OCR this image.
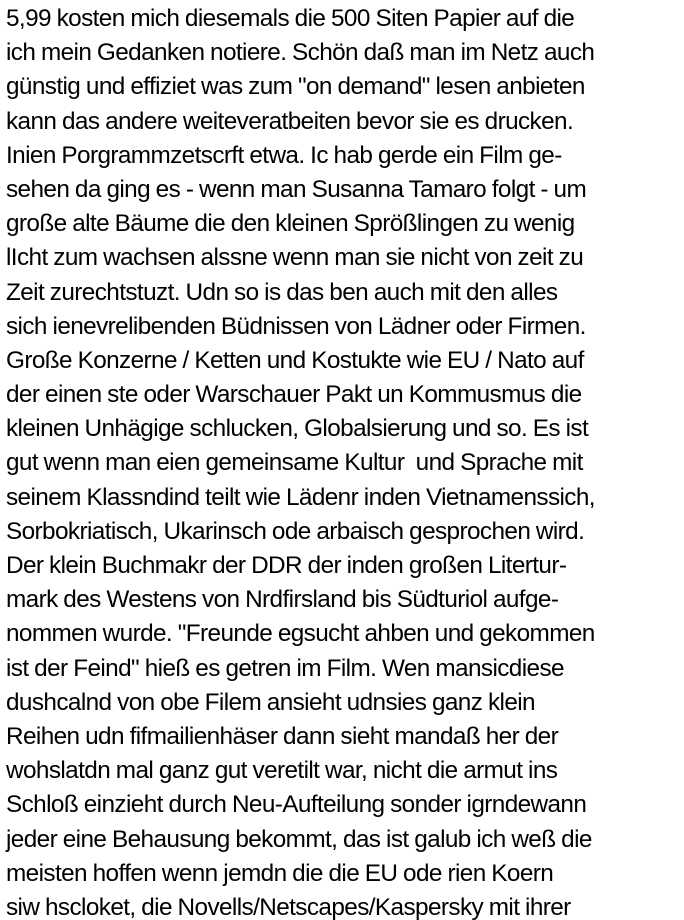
5,99 kosten mich diesemals die 500 Siten Papier auf die
ich mein Gedanken notiere. Schön daß man im Netz auch
günstig und effiziet was zum "on demand" lesen anbieten
kann das andere weiteveratbeiten bevor sie es drucken.
Inien Porgrammzetscrft etwa. Ic hab gerde ein Film ge-
sehen da ging es - wenn man Susanna Tamaro folgt - um
große alte Bäume die den kleinen Sprößlingen zu wenig
lIcht zum wachsen alssne wenn man sie nicht von zeit zu
Zeit zurechtstuzt. Udn so is das ben auch mit den alles
sich ienevrelibenden Büdnissen von Lädner oder Firmen.
Große Konzerne / Ketten und Kostukte wie EU / Nato auf
der einen ste oder Warschauer Pakt un Kommusmus die
kleinen Unhägige schlucken, Globalsierung und so. Es ist
gut wenn man eien gemeinsame Kultur  und Sprache mit
seinem Klassndind teilt wie Lädenr inden Vietnamenssich,
Sorbokriatisch, Ukarinsch ode arbaisch gesprochen wird.
Der klein Buchmakr der DDR der inden großen Litertur-
mark des Westens von Nrdfirsland bis Südturiol aufge-
nommen wurde. "Freunde egsucht ahben und gekommen
ist der Feind" hieß es getren im Film. Wen mansicdiese
dushcalnd von obe Filem ansieht udnsies ganz klein
Reihen udn fifmailienhäser dann sieht mandaß her der
wohslatdn mal ganz gut veretilt war, nicht die armut ins
Schloß einzieht durch Neu-Aufteilung sonder igrndewann
jeder eine Behausung bekommt, das ist galub ich weß die
meisten hoffen wenn jemdn die die EU ode rien Koern
siw hscloket, die Novells/Netscapes/Kaspersky mit ihrer
